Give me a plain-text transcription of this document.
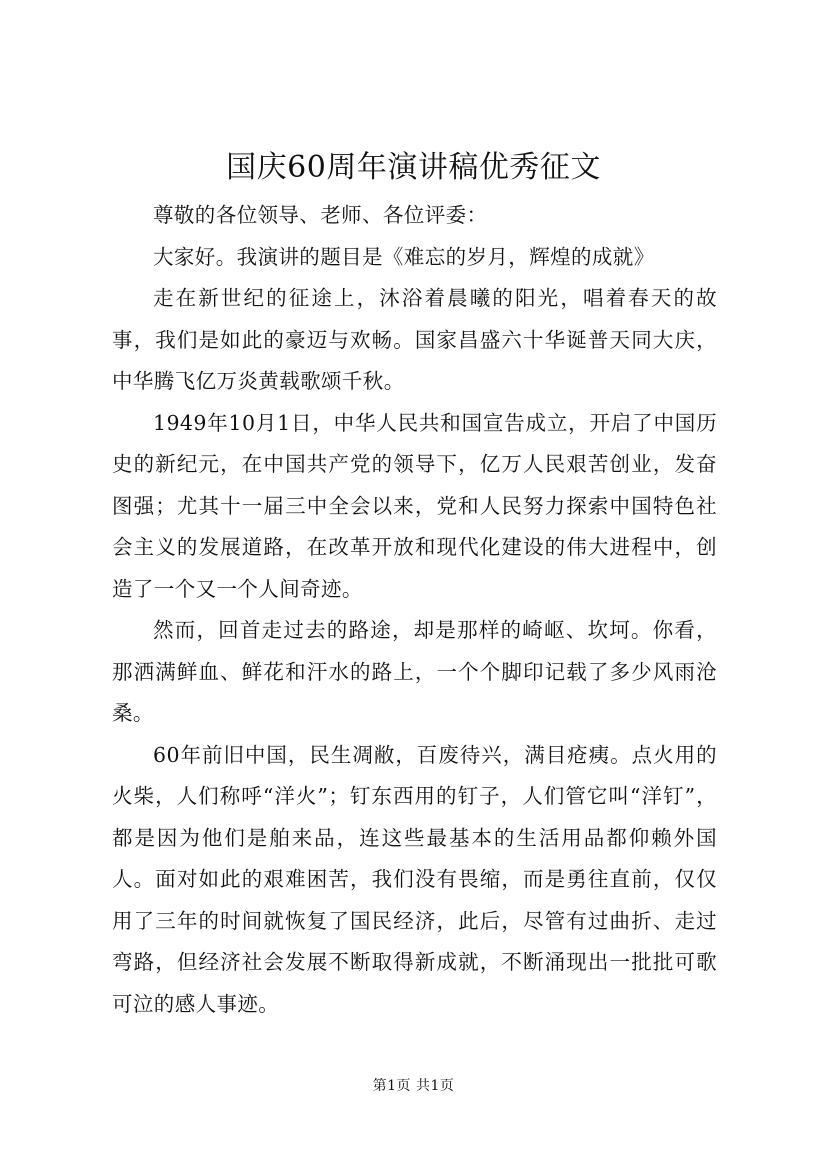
国庆60周年演讲稿优秀征文

尊敬的各位领导、老师、各位评委：

大家好。我演讲的题目是《难忘的岁月，辉煌的成就》

走在新世纪的征途上，沐浴着晨曦的阳光，唱着春天的故事，我们是如此的豪迈与欢畅。国家昌盛六十华诞普天同大庆，中华腾飞亿万炎黄载歌颂千秋。

1949年10月1日，中华人民共和国宣告成立，开启了中国历史的新纪元，在中国共产党的领导下，亿万人民艰苦创业，发奋图强；尤其十一届三中全会以来，党和人民努力探索中国特色社会主义的发展道路，在改革开放和现代化建设的伟大进程中，创造了一个又一个人间奇迹。

然而，回首走过去的路途，却是那样的崎岖、坎坷。你看，那洒满鲜血、鲜花和汗水的路上，一个个脚印记载了多少风雨沧桑。

60年前旧中国，民生凋敝，百废待兴，满目疮痍。点火用的火柴，人们称呼“洋火”；钉东西用的钉子，人们管它叫“洋钉”，都是因为他们是舶来品，连这些最基本的生活用品都仰赖外国人。面对如此的艰难困苦，我们没有畏缩，而是勇往直前，仅仅用了三年的时间就恢复了国民经济，此后，尽管有过曲折、走过弯路，但经济社会发展不断取得新成就，不断涌现出一批批可歌可泣的感人事迹。

第1页 共1页
